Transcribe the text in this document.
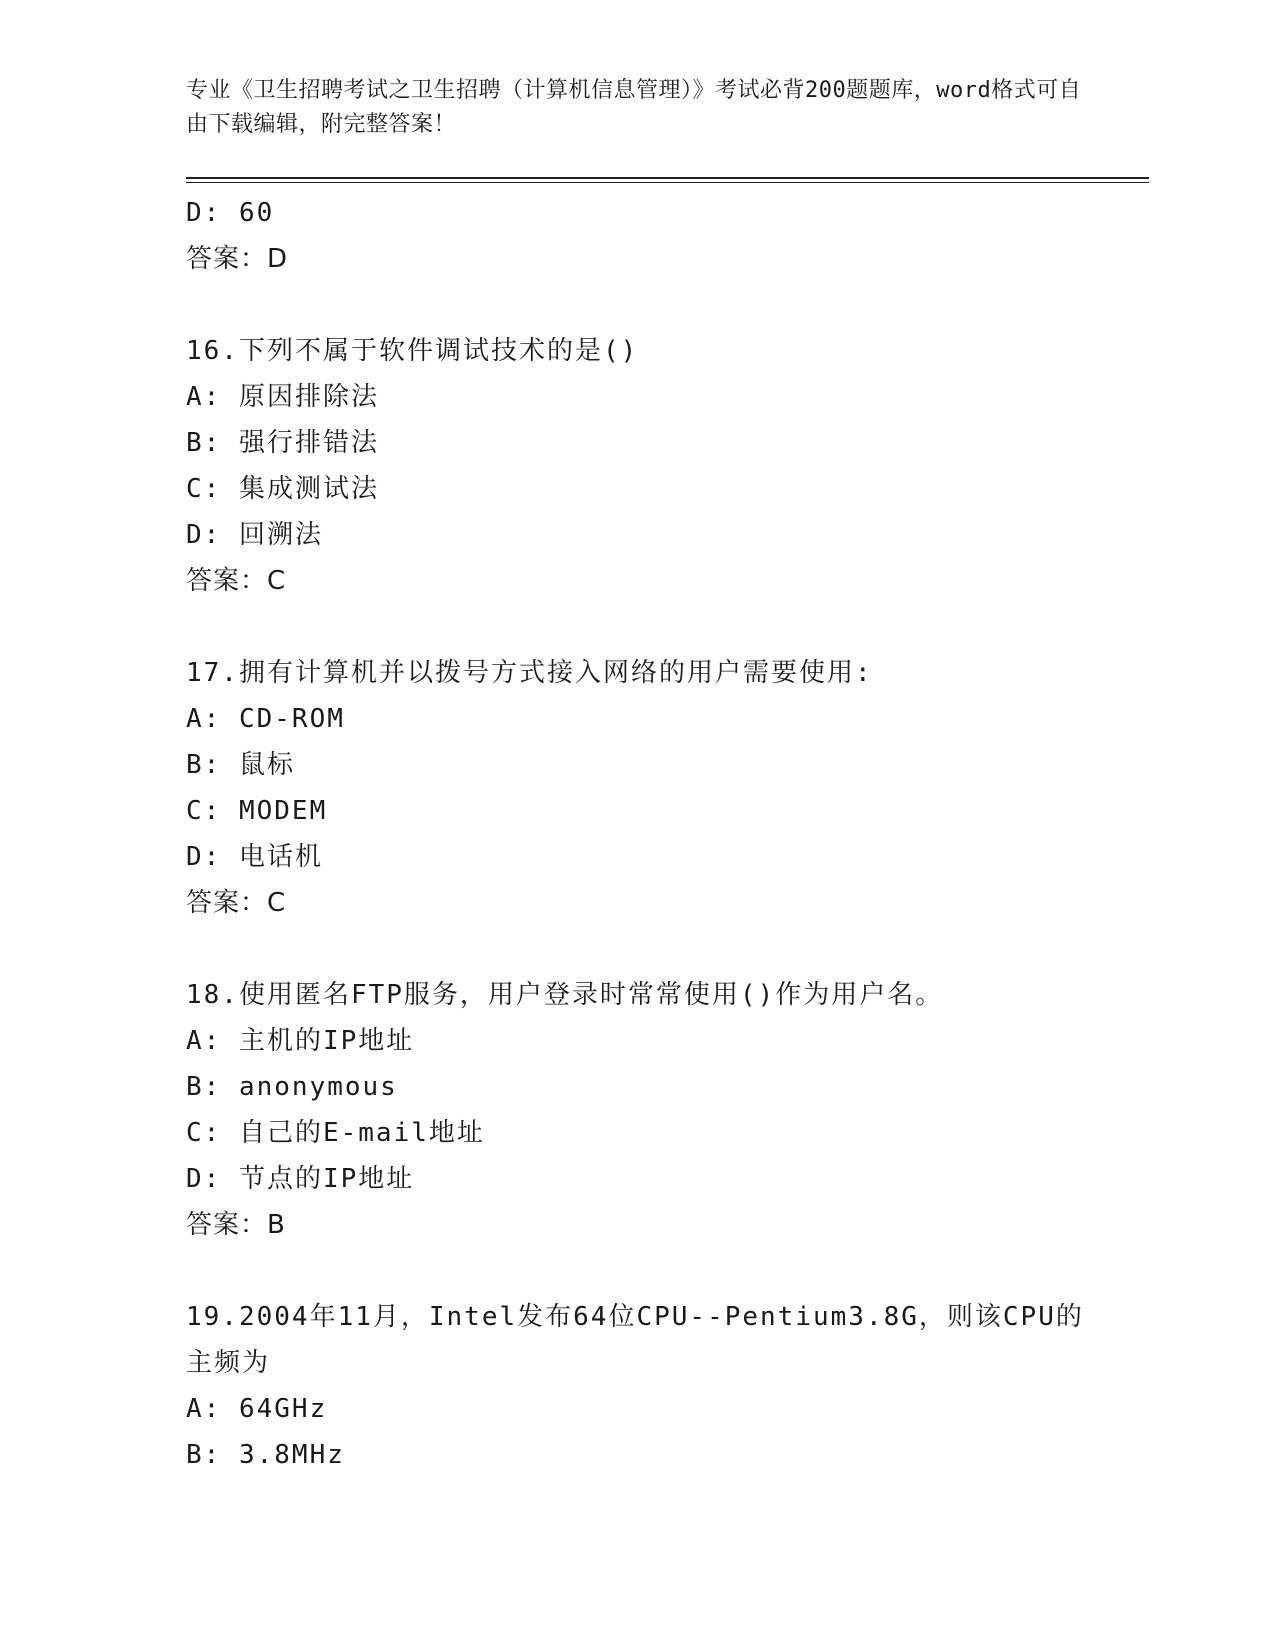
专业《卫生招聘考试之卫生招聘（计算机信息管理）》考试必背200题题库，word格式可自由下载编辑，附完整答案！
D: 60
答案：D
16.下列不属于软件调试技术的是()
A: 原因排除法
B: 强行排错法
C: 集成测试法
D: 回溯法
答案：C
17.拥有计算机并以拨号方式接入网络的用户需要使用:
A: CD-ROM
B: 鼠标
C: MODEM
D: 电话机
答案：C
18.使用匿名FTP服务，用户登录时常常使用()作为用户名。
A: 主机的IP地址
B: anonymous
C: 自己的E-mail地址
D: 节点的IP地址
答案：B
19.2004年11月，Intel发布64位CPU--Pentium3.8G，则该CPU的主频为
A: 64GHz
B: 3.8MHz
